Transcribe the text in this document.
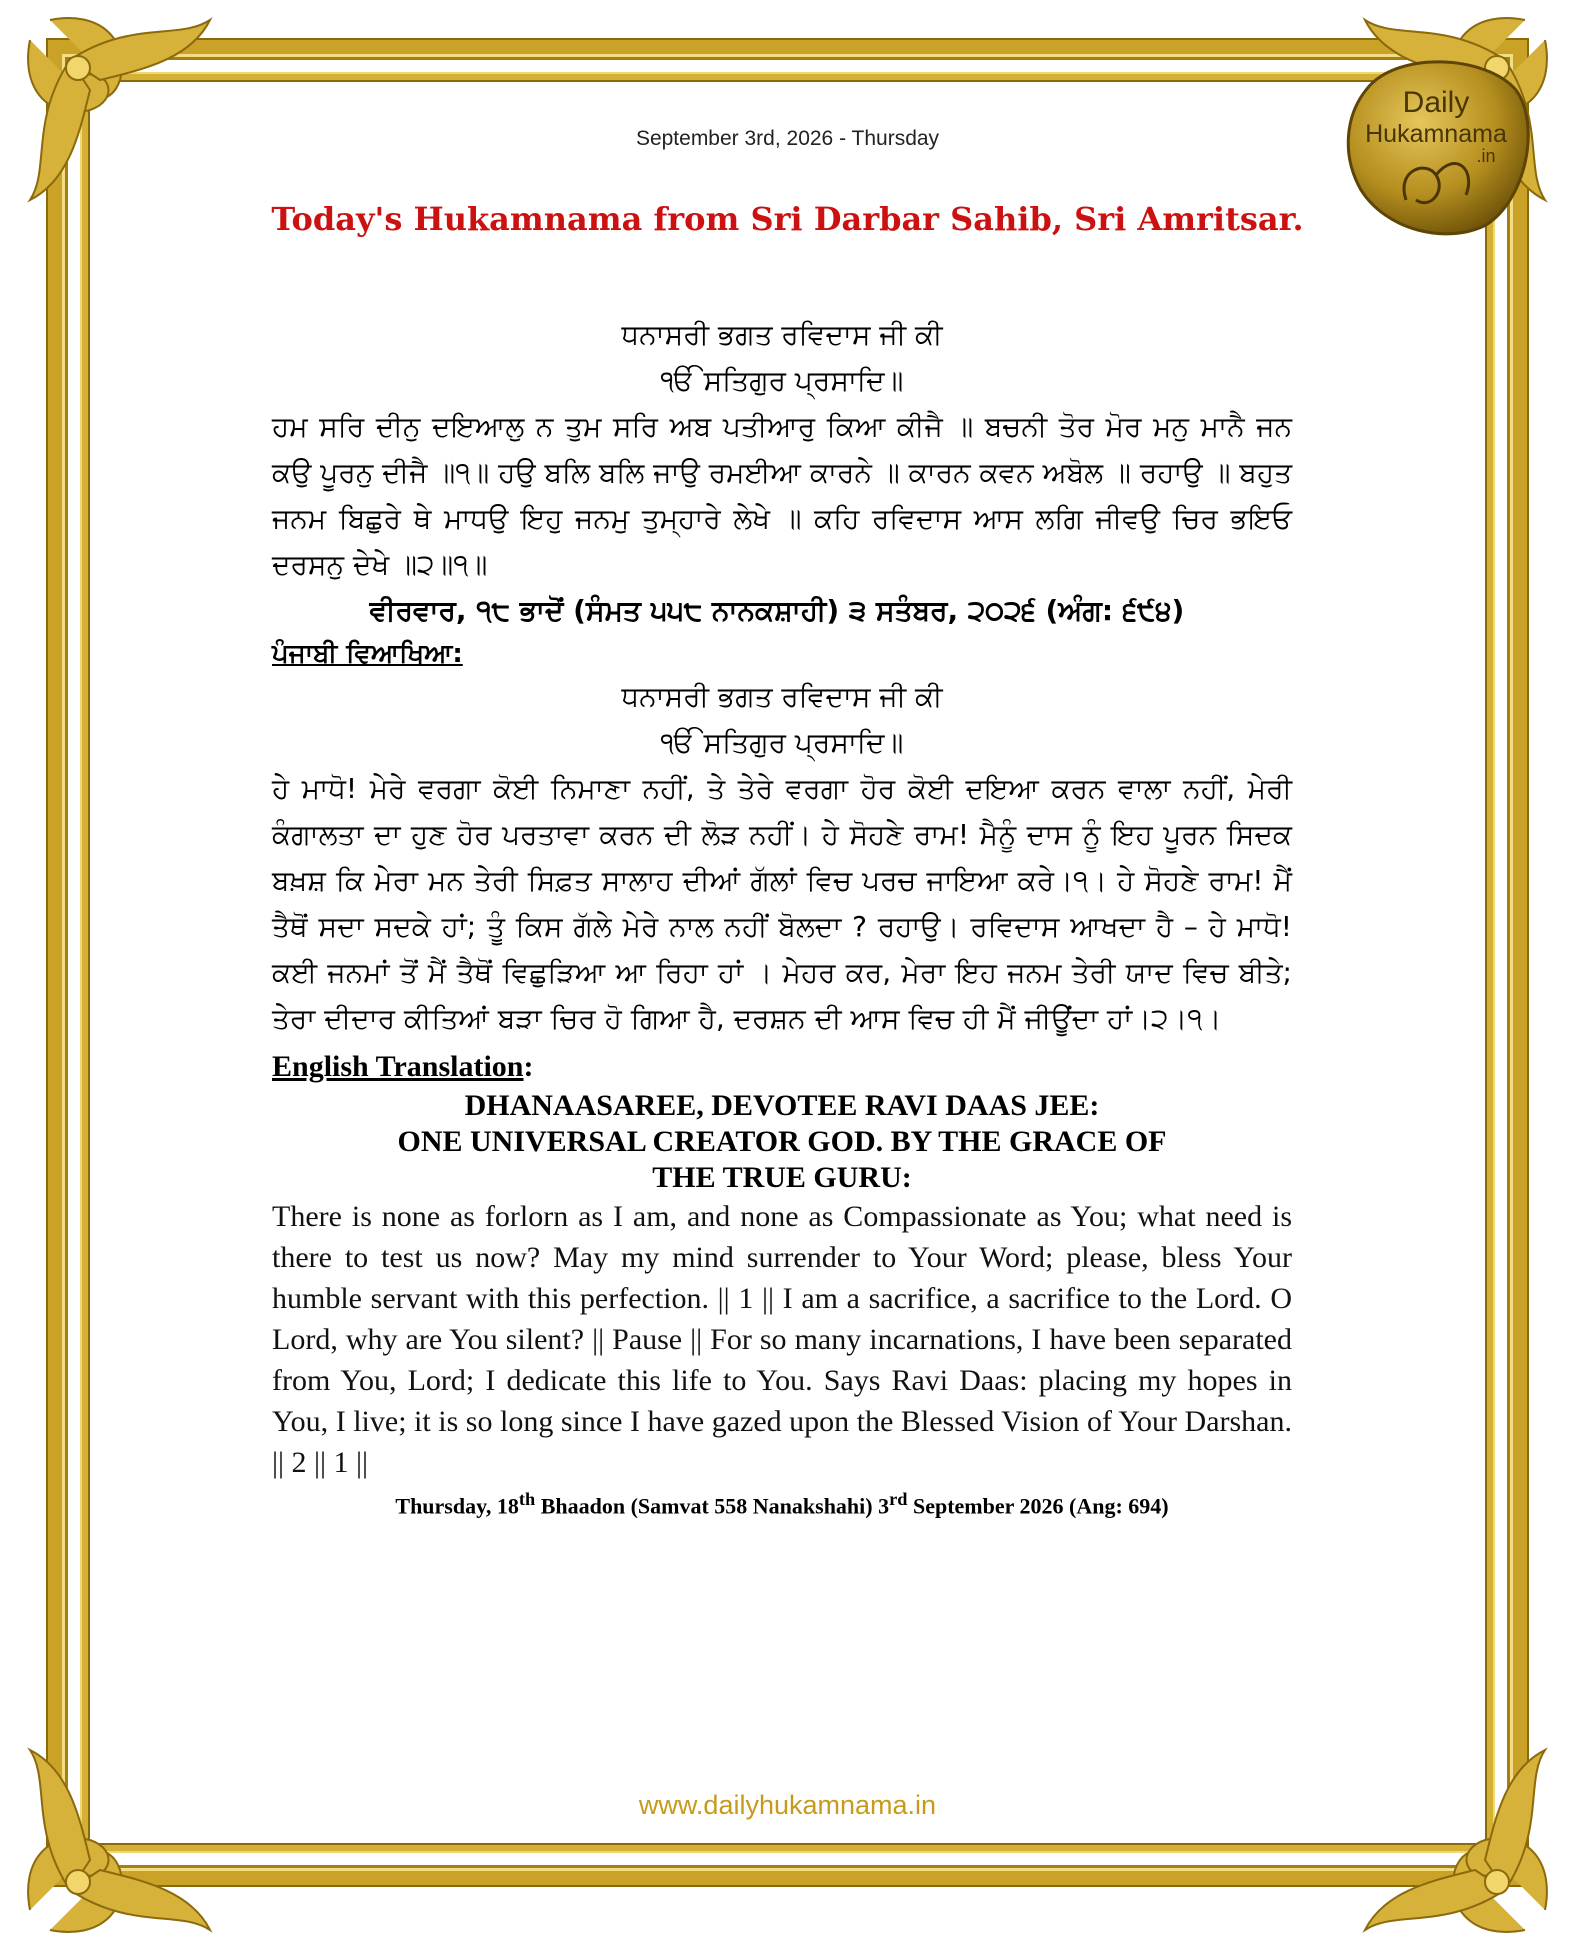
Daily
Hukamnama
.in
September 3rd, 2026 - Thursday
Today's Hukamnama from Sri Darbar Sahib, Sri Amritsar.
ਧਨਾਸਰੀ ਭਗਤ ਰਵਿਦਾਸ ਜੀ ਕੀ
ੴ ਸਤਿਗੁਰ ਪ੍ਰਸਾਦਿ॥
ਹਮ ਸਰਿ ਦੀਨੁ ਦਇਆਲੁ ਨ ਤੁਮ ਸਰਿ ਅਬ ਪਤੀਆਰੁ ਕਿਆ ਕੀਜੈ ॥ ਬਚਨੀ ਤੋਰ ਮੋਰ ਮਨੁ ਮਾਨੈ ਜਨ ਕਉ ਪੂਰਨੁ ਦੀਜੈ ॥੧॥ ਹਉ ਬਲਿ ਬਲਿ ਜਾਉ ਰਮਈਆ ਕਾਰਨੇ ॥ ਕਾਰਨ ਕਵਨ ਅਬੋਲ ॥ ਰਹਾਉ ॥ ਬਹੁਤ ਜਨਮ ਬਿਛੁਰੇ ਥੇ ਮਾਧਉ ਇਹੁ ਜਨਮੁ ਤੁਮ੍ਹਾਰੇ ਲੇਖੇ ॥ ਕਹਿ ਰਵਿਦਾਸ ਆਸ ਲਗਿ ਜੀਵਉ ਚਿਰ ਭਇਓ ਦਰਸਨੁ ਦੇਖੇ ॥੨॥੧॥
ਵੀਰਵਾਰ, ੧੮ ਭਾਦੋਂ (ਸੰਮਤ ੫੫੮ ਨਾਨਕਸ਼ਾਹੀ) ੩ ਸਤੰਬਰ, ੨੦੨੬ (ਅੰਗ: ੬੯੪)
ਪੰਜਾਬੀ ਵਿਆਖਿਆ:
ਧਨਾਸਰੀ ਭਗਤ ਰਵਿਦਾਸ ਜੀ ਕੀ
ੴ ਸਤਿਗੁਰ ਪ੍ਰਸਾਦਿ॥
ਹੇ ਮਾਧੋ! ਮੇਰੇ ਵਰਗਾ ਕੋਈ ਨਿਮਾਣਾ ਨਹੀਂ, ਤੇ ਤੇਰੇ ਵਰਗਾ ਹੋਰ ਕੋਈ ਦਇਆ ਕਰਨ ਵਾਲਾ ਨਹੀਂ, ਮੇਰੀ ਕੰਗਾਲਤਾ ਦਾ ਹੁਣ ਹੋਰ ਪਰਤਾਵਾ ਕਰਨ ਦੀ ਲੋੜ ਨਹੀਂ। ਹੇ ਸੋਹਣੇ ਰਾਮ! ਮੈਨੂੰ ਦਾਸ ਨੂੰ ਇਹ ਪੂਰਨ ਸਿਦਕ ਬਖ਼ਸ਼ ਕਿ ਮੇਰਾ ਮਨ ਤੇਰੀ ਸਿਫ਼ਤ ਸਾਲਾਹ ਦੀਆਂ ਗੱਲਾਂ ਵਿਚ ਪਰਚ ਜਾਇਆ ਕਰੇ।੧। ਹੇ ਸੋਹਣੇ ਰਾਮ! ਮੈਂ ਤੈਥੋਂ ਸਦਾ ਸਦਕੇ ਹਾਂ; ਤੂੰ ਕਿਸ ਗੱਲੇ ਮੇਰੇ ਨਾਲ ਨਹੀਂ ਬੋਲਦਾ ? ਰਹਾਉ। ਰਵਿਦਾਸ ਆਖਦਾ ਹੈ – ਹੇ ਮਾਧੋ! ਕਈ ਜਨਮਾਂ ਤੋਂ ਮੈਂ ਤੈਥੋਂ ਵਿਛੁੜਿਆ ਆ ਰਿਹਾ ਹਾਂ । ਮੇਹਰ ਕਰ, ਮੇਰਾ ਇਹ ਜਨਮ ਤੇਰੀ ਯਾਦ ਵਿਚ ਬੀਤੇ; ਤੇਰਾ ਦੀਦਾਰ ਕੀਤਿਆਂ ਬੜਾ ਚਿਰ ਹੋ ਗਿਆ ਹੈ, ਦਰਸ਼ਨ ਦੀ ਆਸ ਵਿਚ ਹੀ ਮੈਂ ਜੀਊਂਦਾ ਹਾਂ।੨।੧।
English Translation:
DHANAASAREE, DEVOTEE RAVI DAAS JEE:
ONE UNIVERSAL CREATOR GOD. BY THE GRACE OF
THE TRUE GURU:
There is none as forlorn as I am, and none as Compassionate as You; what need is there to test us now? May my mind surrender to Your Word; please, bless Your humble servant with this perfection. || 1 || I am a sacrifice, a sacrifice to the Lord. O Lord, why are You silent? || Pause || For so many incarnations, I have been separated from You, Lord; I dedicate this life to You. Says Ravi Daas: placing my hopes in You, I live; it is so long since I have gazed upon the Blessed Vision of Your Darshan. || 2 || 1 ||
Thursday, 18th Bhaadon (Samvat 558 Nanakshahi) 3rd September 2026 (Ang: 694)
www.dailyhukamnama.in
